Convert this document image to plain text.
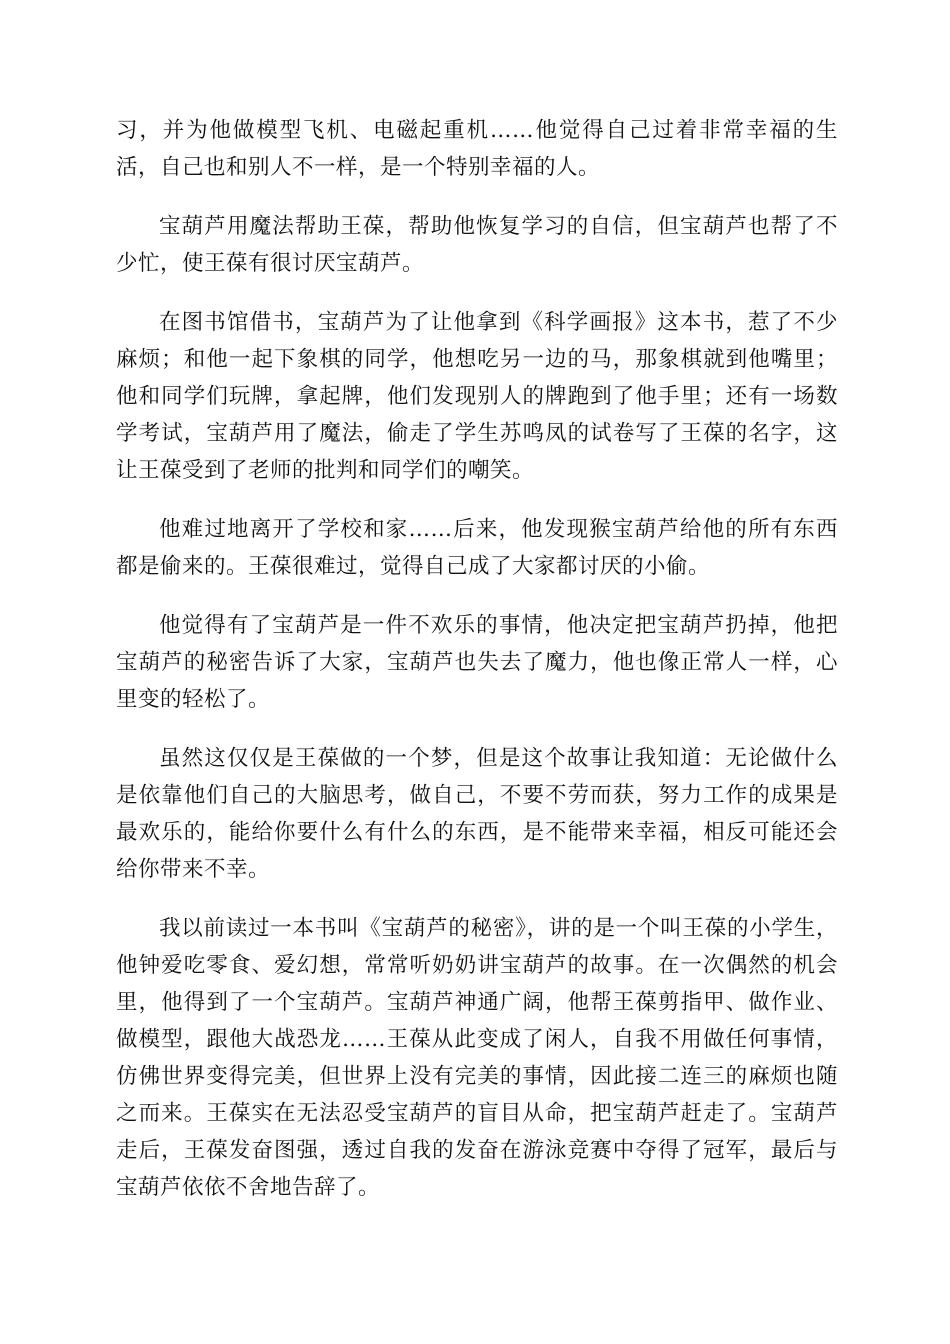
习，并为他做模型飞机、电磁起重机……他觉得自己过着非常幸福的生活，自己也和别人不一样，是一个特别幸福的人。

宝葫芦用魔法帮助王葆，帮助他恢复学习的自信，但宝葫芦也帮了不少忙，使王葆有很讨厌宝葫芦。

在图书馆借书，宝葫芦为了让他拿到《科学画报》这本书，惹了不少麻烦；和他一起下象棋的同学，他想吃另一边的马，那象棋就到他嘴里；他和同学们玩牌，拿起牌，他们发现别人的牌跑到了他手里；还有一场数学考试，宝葫芦用了魔法，偷走了学生苏鸣凤的试卷写了王葆的名字，这让王葆受到了老师的批判和同学们的嘲笑。

他难过地离开了学校和家……后来，他发现猴宝葫芦给他的所有东西都是偷来的。王葆很难过，觉得自己成了大家都讨厌的小偷。

他觉得有了宝葫芦是一件不欢乐的事情，他决定把宝葫芦扔掉，他把宝葫芦的秘密告诉了大家，宝葫芦也失去了魔力，他也像正常人一样，心里变的轻松了。

虽然这仅仅是王葆做的一个梦，但是这个故事让我知道：无论做什么是依靠他们自己的大脑思考，做自己，不要不劳而获，努力工作的成果是最欢乐的，能给你要什么有什么的东西，是不能带来幸福，相反可能还会给你带来不幸。

我以前读过一本书叫《宝葫芦的秘密》，讲的是一个叫王葆的小学生，他钟爱吃零食、爱幻想，常常听奶奶讲宝葫芦的故事。在一次偶然的机会里，他得到了一个宝葫芦。宝葫芦神通广阔，他帮王葆剪指甲、做作业、做模型，跟他大战恐龙……王葆从此变成了闲人，自我不用做任何事情，仿佛世界变得完美，但世界上没有完美的事情，因此接二连三的麻烦也随之而来。王葆实在无法忍受宝葫芦的盲目从命，把宝葫芦赶走了。宝葫芦走后，王葆发奋图强，透过自我的发奋在游泳竞赛中夺得了冠军，最后与宝葫芦依依不舍地告辞了。
